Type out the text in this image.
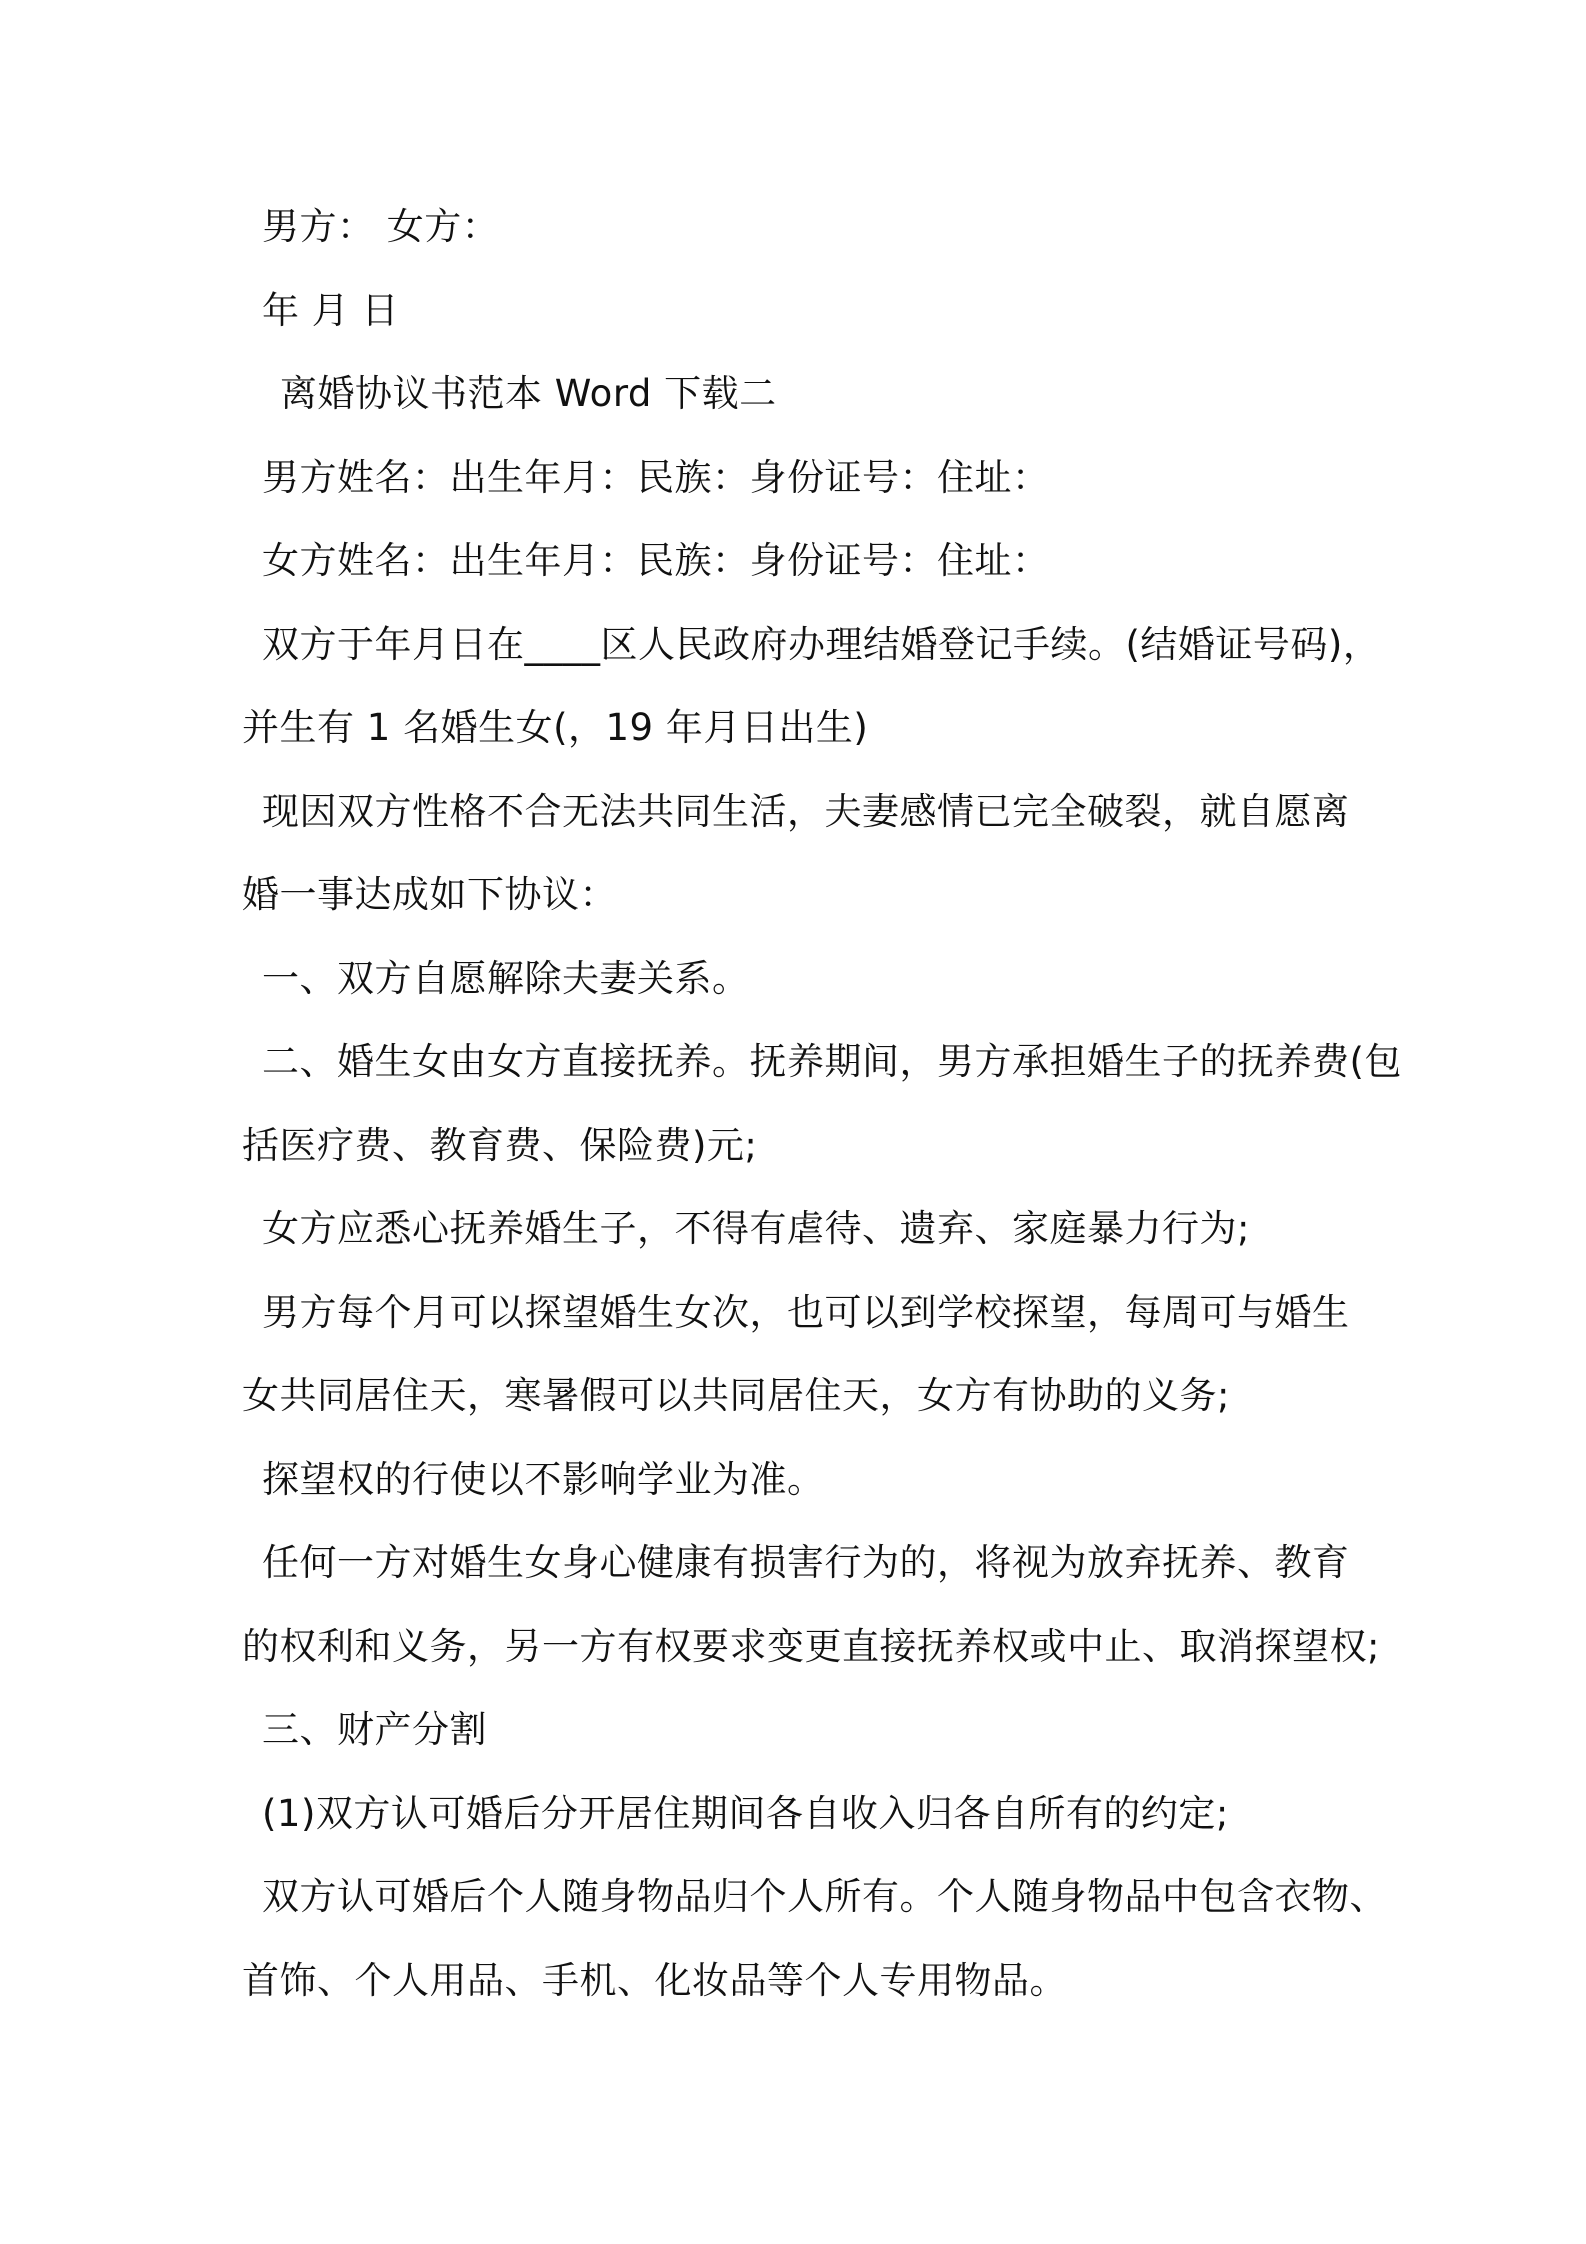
男方： 女方：
年 月 日
离婚协议书范本 Word 下载二
男方姓名：出生年月：民族：身份证号：住址：
女方姓名：出生年月：民族：身份证号：住址：
双方于年月日在____区人民政府办理结婚登记手续。(结婚证号码)，
并生有 1 名婚生女(，19 年月日出生)
现因双方性格不合无法共同生活，夫妻感情已完全破裂，就自愿离
婚一事达成如下协议：
一、双方自愿解除夫妻关系。
二、婚生女由女方直接抚养。抚养期间，男方承担婚生子的抚养费(包
括医疗费、教育费、保险费)元;
女方应悉心抚养婚生子，不得有虐待、遗弃、家庭暴力行为;
男方每个月可以探望婚生女次，也可以到学校探望，每周可与婚生
女共同居住天，寒暑假可以共同居住天，女方有协助的义务;
探望权的行使以不影响学业为准。
任何一方对婚生女身心健康有损害行为的，将视为放弃抚养、教育
的权利和义务，另一方有权要求变更直接抚养权或中止、取消探望权;
三、财产分割
(1)双方认可婚后分开居住期间各自收入归各自所有的约定;
双方认可婚后个人随身物品归个人所有。个人随身物品中包含衣物、
首饰、个人用品、手机、化妆品等个人专用物品。
